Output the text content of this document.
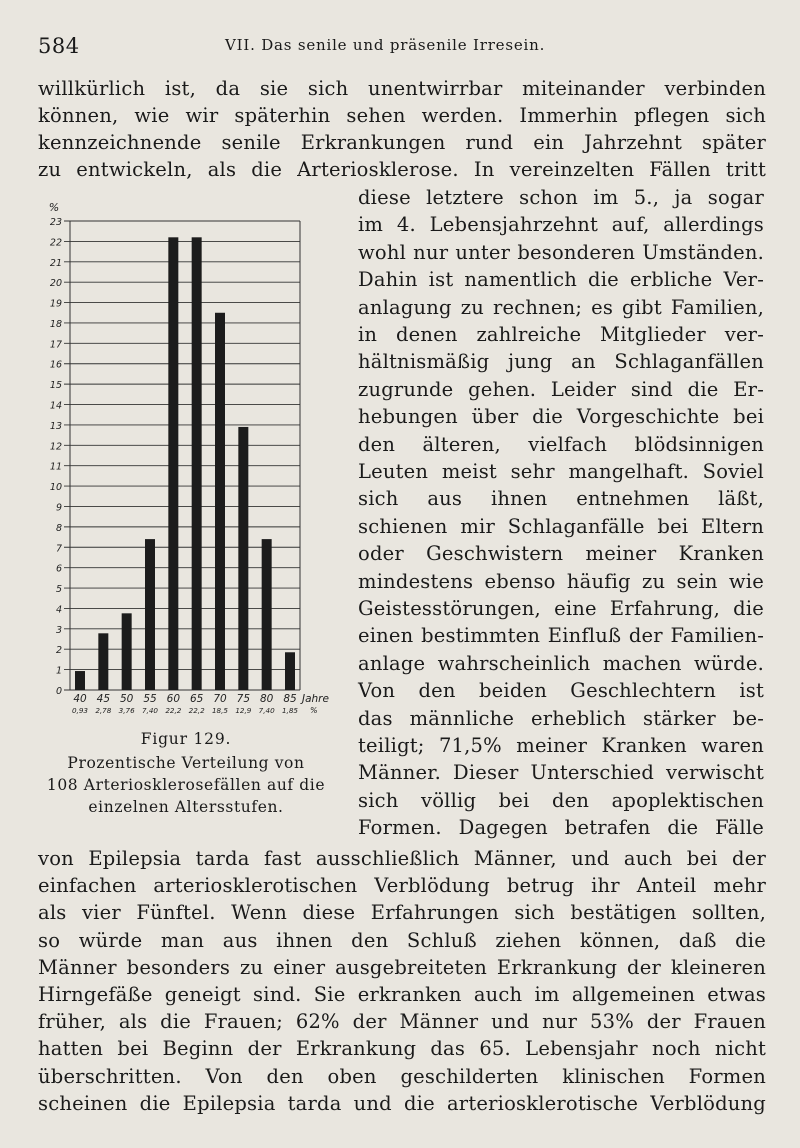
584	VII. Das senile und präsenile Irresein.
willkürlich ist, da sie sich unentwirrbar miteinander verbinden
können, wie wir späterhin sehen werden. Immerhin pflegen sich
kennzeichnende senile Erkrankungen rund ein Jahrzehnt später
zu entwickeln, als die Arteriosklerose. In vereinzelten Fällen tritt
diese letztere schon im 5., ja sogar
im 4. Lebensjahrzehnt auf, allerdings
wohl nur unter besonderen Umständen.
Dahin ist namentlich die erbliche Ver-
anlagung zu rechnen; es gibt Familien,
in denen zahlreiche Mitglieder ver-
hältnismäßig jung an Schlaganfällen
zugrunde gehen. Leider sind die Er-
hebungen über die Vorgeschichte bei
den älteren, vielfach blödsinnigen
Leuten meist sehr mangelhaft. Soviel
sich aus ihnen entnehmen läßt,
schienen mir Schlaganfälle bei Eltern
oder Geschwistern meiner Kranken
mindestens ebenso häufig zu sein wie
Geistesstörungen, eine Erfahrung, die
einen bestimmten Einfluß der Familien-
anlage wahrscheinlich machen würde.
Von den beiden Geschlechtern ist
das männliche erheblich stärker be-
teiligt; 71,5% meiner Kranken waren
Männer. Dieser Unterschied verwischt
sich völlig bei den apoplektischen
Formen. Dagegen betrafen die Fälle
von Epilepsia tarda fast ausschließlich Männer, und auch bei der
einfachen arteriosklerotischen Verblödung betrug ihr Anteil mehr
als vier Fünftel. Wenn diese Erfahrungen sich bestätigen sollten,
so würde man aus ihnen den Schluß ziehen können, daß die
Männer besonders zu einer ausgebreiteten Erkrankung der kleineren
Hirngefäße geneigt sind. Sie erkranken auch im allgemeinen etwas
früher, als die Frauen; 62% der Männer und nur 53% der Frauen
hatten bei Beginn der Erkrankung das 65. Lebensjahr noch nicht
überschritten. Von den oben geschilderten klinischen Formen
scheinen die Epilepsia tarda und die arteriosklerotische Verblödung
0
1
2
3
4
5
6
7
8
9
10
11
12
13
14
15
16
17
18
19
20
21
22
23
%
40
0,93
45
2,78
50
3,76
55
7,40
60
22,2
65
22,2
70
18,5
75
12,9
80
7,40
85
1,85
Jahre
%
Figur 129.
Prozentische Verteilung von
108 Arteriosklerosefällen auf die
einzelnen Altersstufen.
